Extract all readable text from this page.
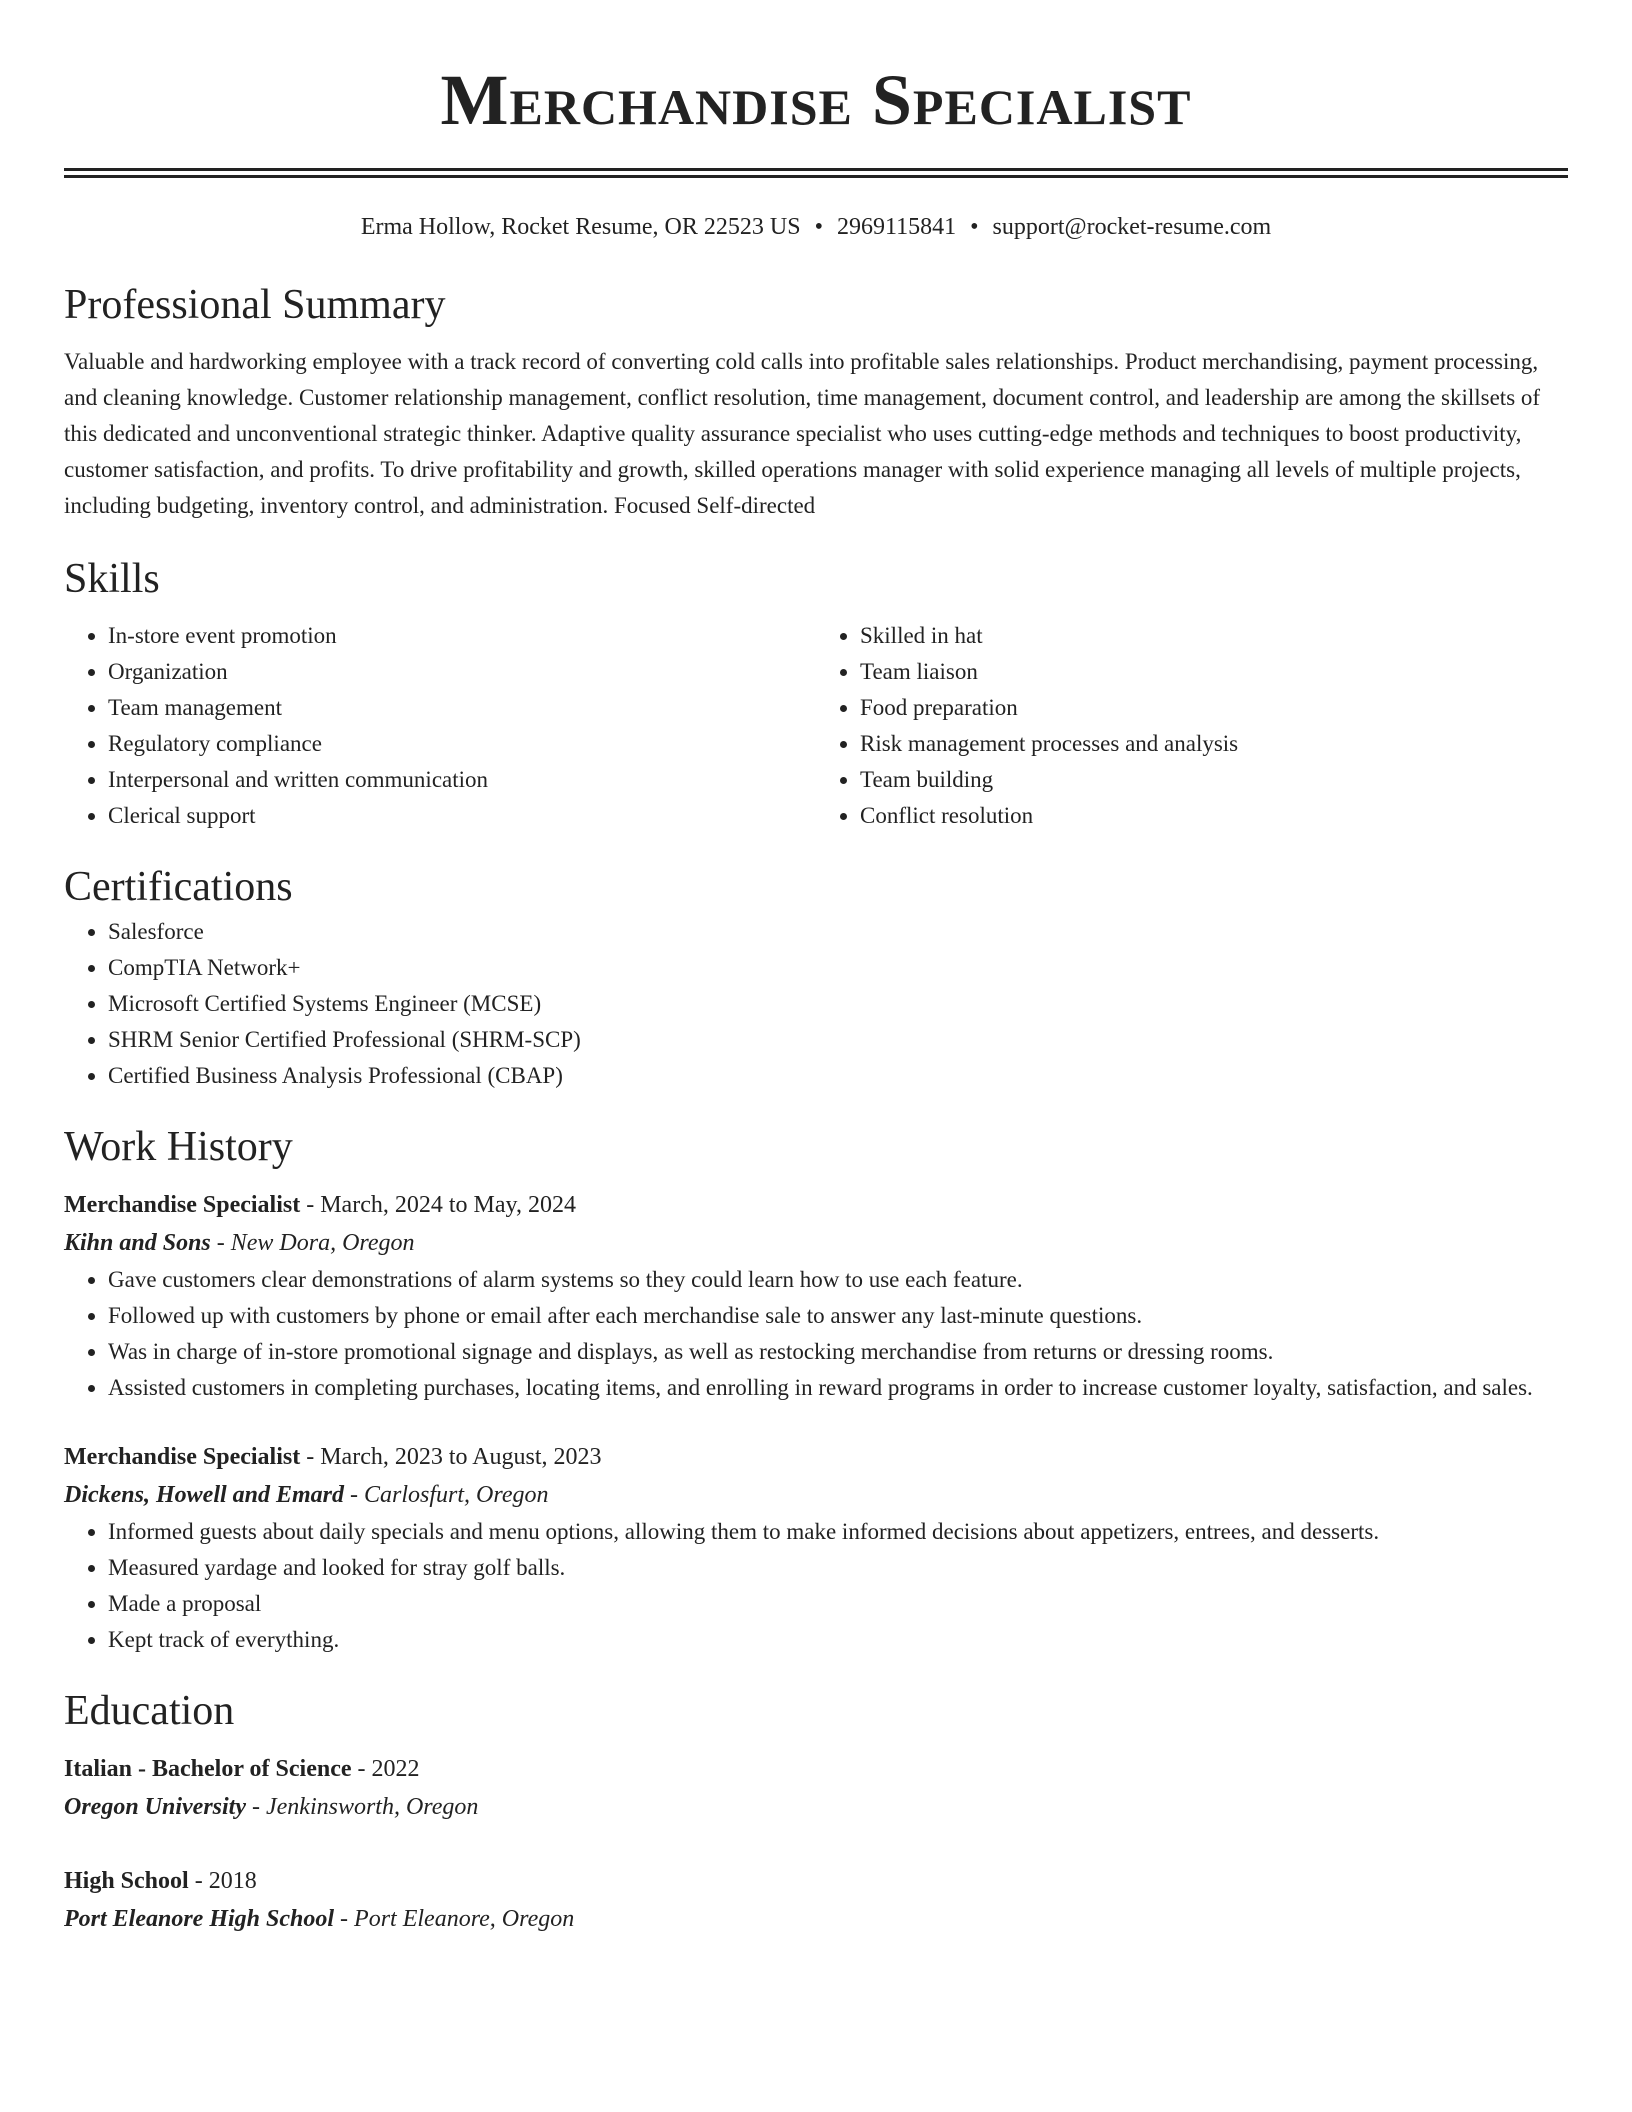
Merchandise Specialist
Erma Hollow, Rocket Resume, OR 22523 US • 2969115841 • support@rocket-resume.com
Professional Summary
Valuable and hardworking employee with a track record of converting cold calls into profitable sales relationships. Product merchandising, payment processing, and cleaning knowledge. Customer relationship management, conflict resolution, time management, document control, and leadership are among the skillsets of this dedicated and unconventional strategic thinker. Adaptive quality assurance specialist who uses cutting-edge methods and techniques to boost productivity, customer satisfaction, and profits. To drive profitability and growth, skilled operations manager with solid experience managing all levels of multiple projects, including budgeting, inventory control, and administration. Focused Self-directed
Skills
• In-store event promotion
• Organization
• Team management
• Regulatory compliance
• Interpersonal and written communication
• Clerical support
• Skilled in hat
• Team liaison
• Food preparation
• Risk management processes and analysis
• Team building
• Conflict resolution
Certifications
• Salesforce
• CompTIA Network+
• Microsoft Certified Systems Engineer (MCSE)
• SHRM Senior Certified Professional (SHRM-SCP)
• Certified Business Analysis Professional (CBAP)
Work History
Merchandise Specialist - March, 2024 to May, 2024
Kihn and Sons - New Dora, Oregon
• Gave customers clear demonstrations of alarm systems so they could learn how to use each feature.
• Followed up with customers by phone or email after each merchandise sale to answer any last-minute questions.
• Was in charge of in-store promotional signage and displays, as well as restocking merchandise from returns or dressing rooms.
• Assisted customers in completing purchases, locating items, and enrolling in reward programs in order to increase customer loyalty, satisfaction, and sales.
Merchandise Specialist - March, 2023 to August, 2023
Dickens, Howell and Emard - Carlosfurt, Oregon
• Informed guests about daily specials and menu options, allowing them to make informed decisions about appetizers, entrees, and desserts.
• Measured yardage and looked for stray golf balls.
• Made a proposal
• Kept track of everything.
Education
Italian - Bachelor of Science - 2022
Oregon University - Jenkinsworth, Oregon
High School - 2018
Port Eleanore High School - Port Eleanore, Oregon
